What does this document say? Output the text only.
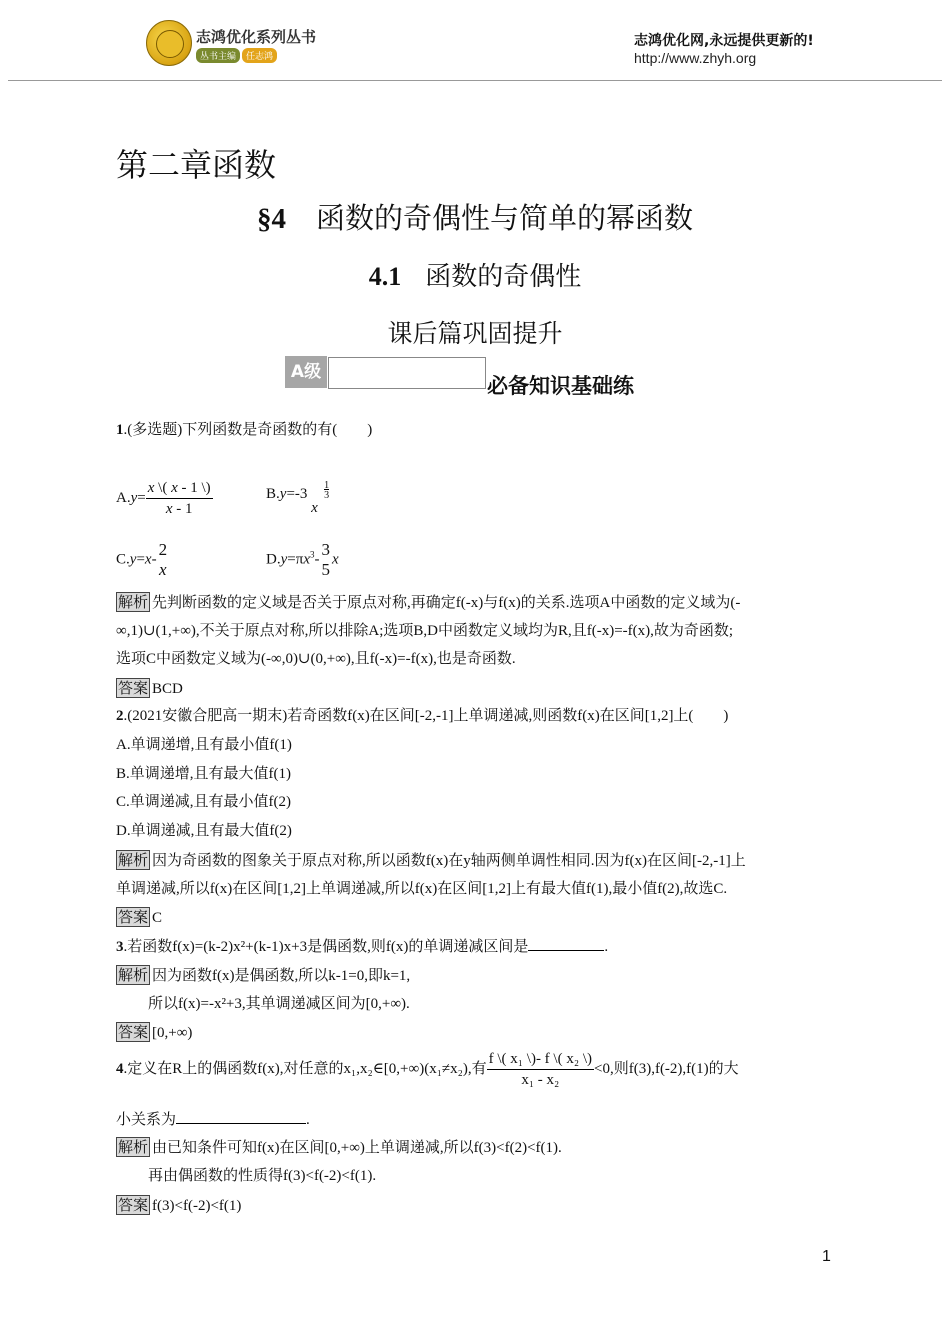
志鸿优化系列丛书
丛书主编 任志鸿
志鸿优化网,永远提供更新的!
http://www.zhyh.org
第二章函数
§4 函数的奇偶性与简单的幂函数
4.1 函数的奇偶性
课后篇巩固提升
A级
必备知识基础练
1.(多选题)下列函数是奇函数的有(　　)
$A.y= \frac{x \backslash( x - 1 \backslash)}{x - 1}$	B.y=-3 x
1
3
C.y=x-
2
x
$D.y=\pi x^3-$
3
5
x
解析 先判断函数的定义域是否关于原点对称,再确定f(-x)与f(x)的关系.选项A中函数的定义域为(-
∞,1)∪(1,+∞),不关于原点对称,所以排除A;选项B,D中函数定义域均为R,且f(-x)=-f(x),故为奇函数;
选项C中函数定义域为(-∞,0)∪(0,+∞),且f(-x)=-f(x),也是奇函数.
答案 BCD
2.(2021安徽合肥高一期末)若奇函数f(x)在区间[-2,-1]上单调递减,则函数f(x)在区间[1,2]上(　　)
A.单调递增,且有最小值f(1)
B.单调递增,且有最大值f(1)
C.单调递减,且有最小值f(2)
D.单调递减,且有最大值f(2)
解析 因为奇函数的图象关于原点对称,所以函数f(x)在y轴两侧单调性相同.因为f(x)在区间[-2,-1]上
单调递减,所以f(x)在区间[1,2]上单调递减,所以f(x)在区间[1,2]上有最大值f(1),最小值f(2),故选C.
答案 C
3.若函数f(x)=(k-2)x²+(k-1)x+3是偶函数,则f(x)的单调递减区间是	.
解析 因为函数f(x)是偶函数,所以k-1=0,即k=1,
所以f(x)=-x²+3,其单调递减区间为[0,+∞).
答案 [0,+∞)
4.定义在R上的偶函数f(x),对任意的x₁,x₂∈[0,+∞)(x₁≠x₂),有 $\frac{\text{f \textbackslash{}( x₁ \textbackslash{})- f \textbackslash{}( x₂ \textbackslash{})}}{\text{x₁ - x₂}} <0$,则f(3),f(-2),f(1)的大
小关系为	.
解析 由已知条件可知f(x)在区间[0,+∞)上单调递减,所以f(3)<f(2)<f(1).
再由偶函数的性质得f(3)<f(-2)<f(1).
答案 f(3)<f(-2)<f(1)
1
